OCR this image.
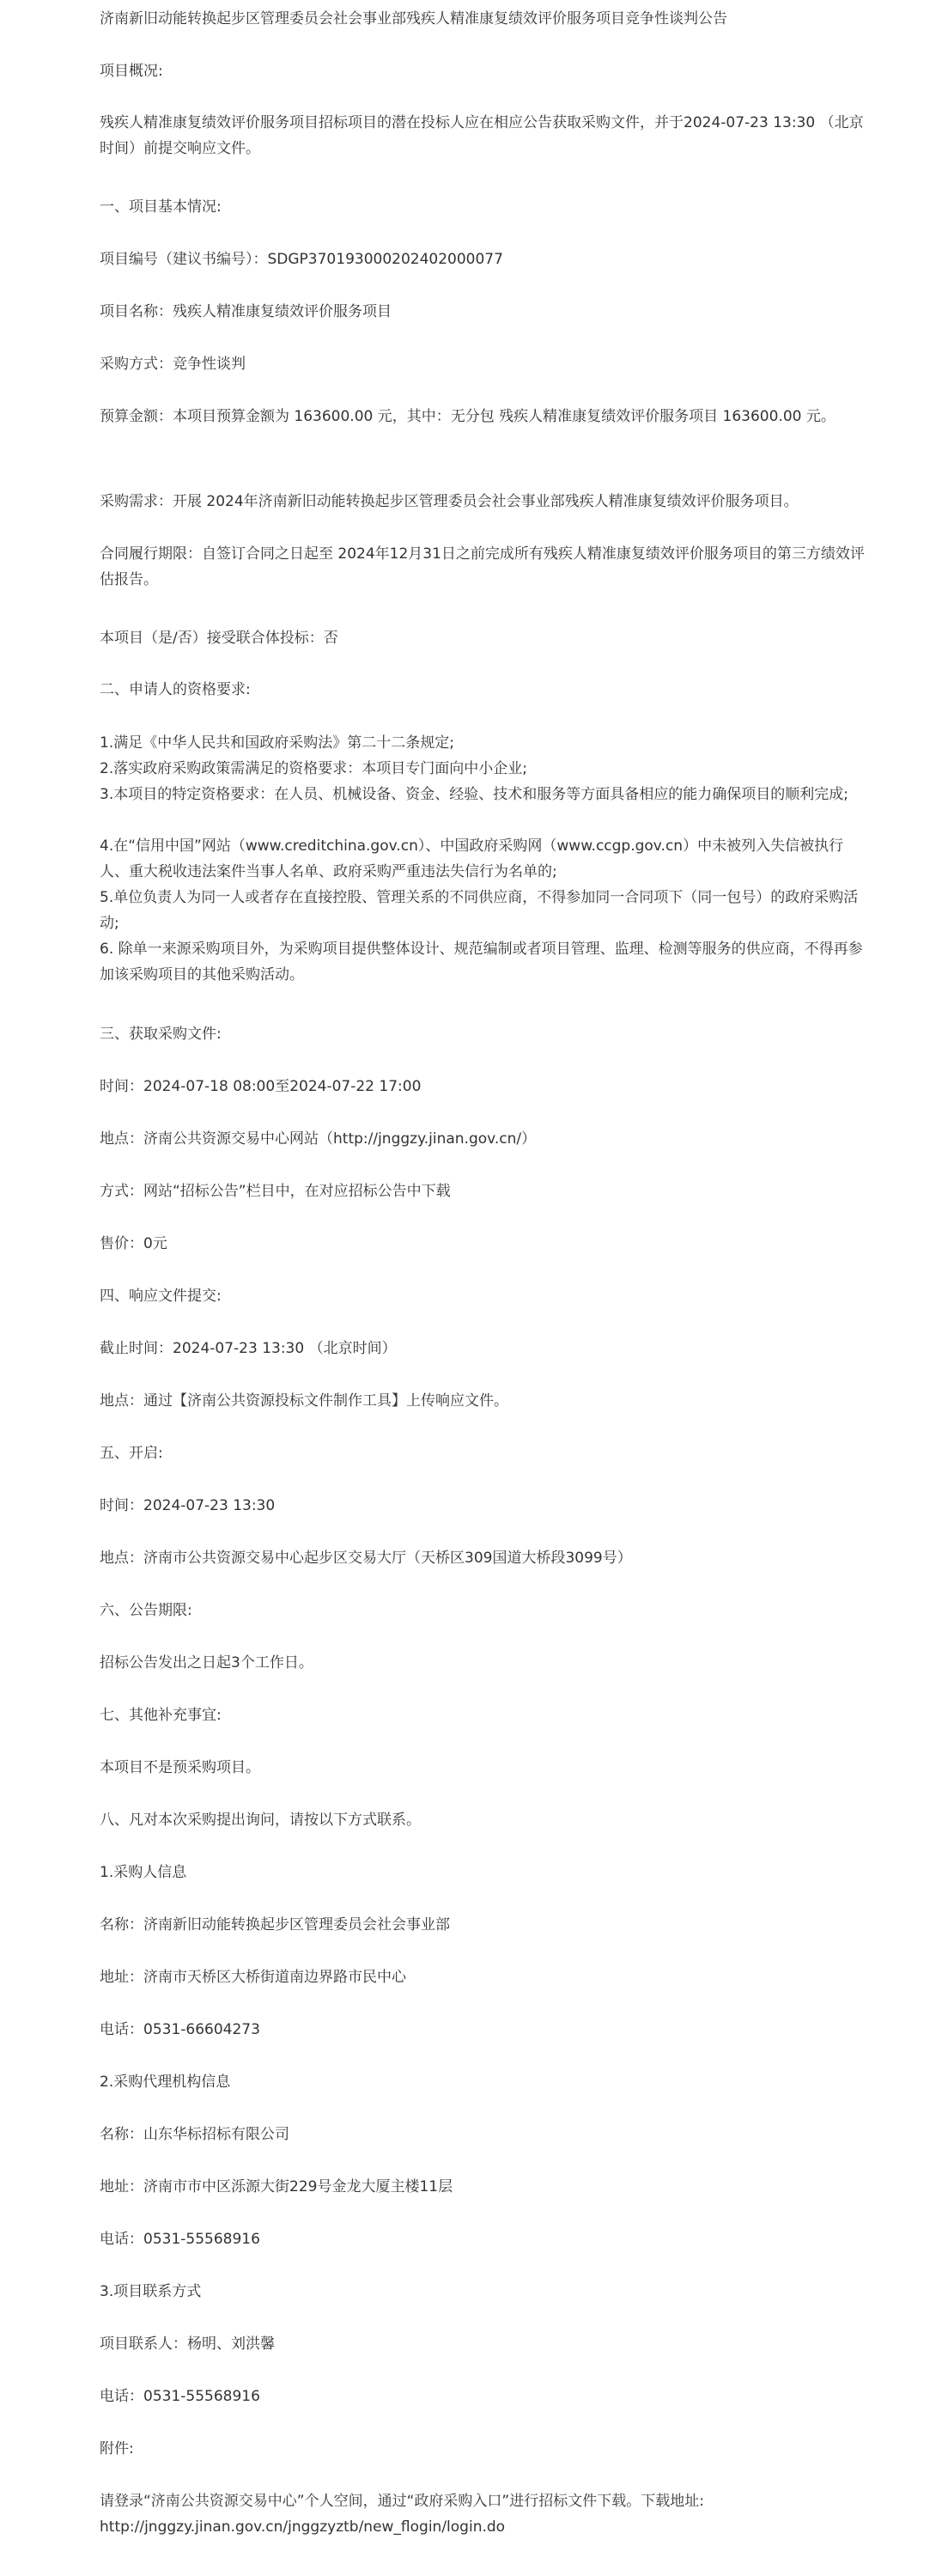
济南新旧动能转换起步区管理委员会社会事业部残疾人精准康复绩效评价服务项目竞争性谈判公告

项目概况:

残疾人精准康复绩效评价服务项目招标项目的潜在投标人应在相应公告获取采购文件，并于2024-07-23 13:30 （北京时间）前提交响应文件。

一、项目基本情况:

项目编号（建议书编号）：SDGP370193000202402000077

项目名称：残疾人精准康复绩效评价服务项目

采购方式：竞争性谈判

预算金额：本项目预算金额为 163600.00 元，其中：无分包 残疾人精准康复绩效评价服务项目 163600.00 元。

采购需求：开展 2024年济南新旧动能转换起步区管理委员会社会事业部残疾人精准康复绩效评价服务项目。

合同履行期限：自签订合同之日起至 2024年12月31日之前完成所有残疾人精准康复绩效评价服务项目的第三方绩效评估报告。

本项目（是/否）接受联合体投标：否

二、申请人的资格要求:

1.满足《中华人民共和国政府采购法》第二十二条规定;

2.落实政府采购政策需满足的资格要求：本项目专门面向中小企业;

3.本项目的特定资格要求：在人员、机械设备、资金、经验、技术和服务等方面具备相应的能力确保项目的顺利完成;

4.在“信用中国”网站（www.creditchina.gov.cn）、中国政府采购网（www.ccgp.gov.cn）中未被列入失信被执行人、重大税收违法案件当事人名单、政府采购严重违法失信行为名单的;

5.单位负责人为同一人或者存在直接控股、管理关系的不同供应商，不得参加同一合同项下（同一包号）的政府采购活动;

6. 除单一来源采购项目外，为采购项目提供整体设计、规范编制或者项目管理、监理、检测等服务的供应商，不得再参加该采购项目的其他采购活动。

三、获取采购文件:

时间：2024-07-18 08:00至2024-07-22 17:00

地点：济南公共资源交易中心网站（http://jnggzy.jinan.gov.cn/）

方式：网站“招标公告”栏目中，在对应招标公告中下载

售价：0元

四、响应文件提交:

截止时间：2024-07-23 13:30 （北京时间）

地点：通过【济南公共资源投标文件制作工具】上传响应文件。

五、开启:

时间：2024-07-23 13:30

地点：济南市公共资源交易中心起步区交易大厅（天桥区309国道大桥段3099号）

六、公告期限:

招标公告发出之日起3个工作日。

七、其他补充事宜:

本项目不是预采购项目。

八、凡对本次采购提出询问，请按以下方式联系。

1.采购人信息

名称：济南新旧动能转换起步区管理委员会社会事业部

地址：济南市天桥区大桥街道南边界路市民中心

电话：0531-66604273

2.采购代理机构信息

名称：山东华标招标有限公司

地址：济南市市中区泺源大街229号金龙大厦主楼11层

电话：0531-55568916

3.项目联系方式

项目联系人：杨明、刘洪馨

电话：0531-55568916

附件:

请登录“济南公共资源交易中心”个人空间，通过“政府采购入口”进行招标文件下载。下载地址:

http://jnggzy.jinan.gov.cn/jnggzyztb/new_flogin/login.do
